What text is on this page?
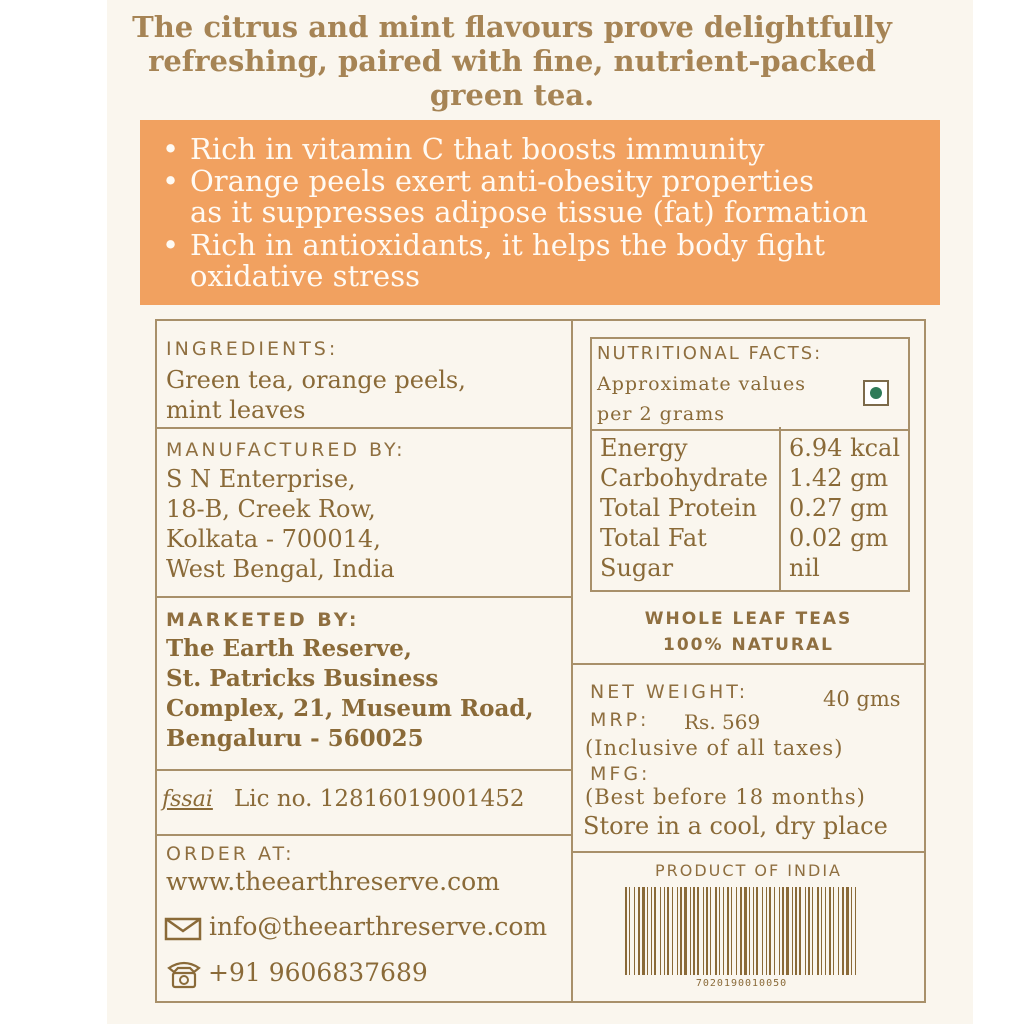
The citrus and mint flavours prove delightfully
refreshing, paired with fine, nutrient-packed
green tea.
• Rich in vitamin C that boosts immunity
• Orange peels exert anti-obesity properties
as it suppresses adipose tissue (fat) formation
• Rich in antioxidants, it helps the body fight
oxidative stress
INGREDIENTS:
Green tea, orange peels,
mint leaves
MANUFACTURED BY:
S N Enterprise,
18-B, Creek Row,
Kolkata - 700014,
West Bengal, India
MARKETED BY:
The Earth Reserve,
St. Patricks Business
Complex, 21, Museum Road,
Bengaluru - 560025
fssai Lic no. 12816019001452
ORDER AT:
www.theearthreserve.com
info@theearthreserve.com
+91 9606837689
NUTRITIONAL FACTS:
Approximate values
per 2 grams
Energy
Carbohydrate
Total Protein
Total Fat
Sugar
6.94 kcal
1.42 gm
0.27 gm
0.02 gm
nil
WHOLE LEAF TEAS
100% NATURAL
NET WEIGHT:	40 gms
MRP: Rs. 569
(Inclusive of all taxes)
MFG:
(Best before 18 months)
Store in a cool, dry place
PRODUCT OF INDIA
7020190010050
